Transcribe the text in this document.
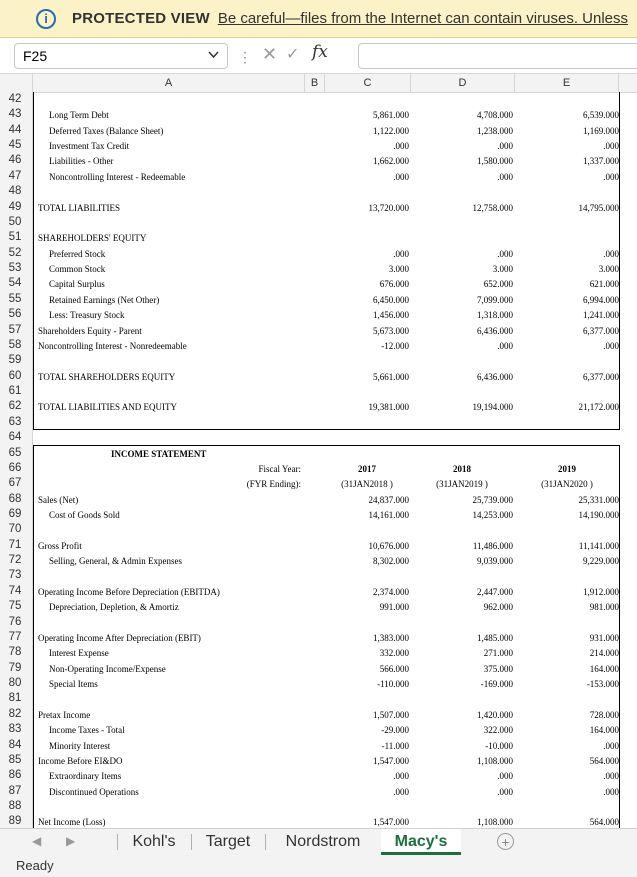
i	PROTECTED VIEW Be careful—files from the Internet can contain viruses. Unless
F25	⋮ ✕ ✓ fx
A	B	C	D	E
42
43
44
45
46
47
48
49
50
51
52
53
54
55
56
57
58
59
60
61
62
63
64
65
66
67
68
69
70
71
72
73
74
75
76
77
78
79
80
81
82
83
84
85
86
87
88
89
Long Term Debt	5,861.000	4,708.000	6,539.000
Deferred Taxes (Balance Sheet)	1,122.000	1,238.000	1,169.000
Investment Tax Credit	.000	.000	.000
Liabilities - Other	1,662.000	1,580.000	1,337.000
Noncontrolling Interest - Redeemable	.000	.000	.000
TOTAL LIABILITIES	13,720.000	12,758.000	14,795.000
SHAREHOLDERS' EQUITY
Preferred Stock	.000	.000	.000
Common Stock	3.000	3.000	3.000
Capital Surplus	676.000	652.000	621.000
Retained Earnings (Net Other)	6,450.000	7,099.000	6,994.000
Less: Treasury Stock	1,456.000	1,318.000	1,241.000
Shareholders Equity - Parent	5,673.000	6,436.000	6,377.000
Noncontrolling Interest - Nonredeemable	-12.000	.000	.000
TOTAL SHAREHOLDERS EQUITY	5,661.000	6,436.000	6,377.000
TOTAL LIABILITIES AND EQUITY	19,381.000	19,194.000	21,172.000
INCOME STATEMENT
Fiscal Year:	2017	2018	2019
(FYR Ending):	(31JAN2018 )	(31JAN2019 )	(31JAN2020 )
Sales (Net)	24,837.000	25,739.000	25,331.000
Cost of Goods Sold	14,161.000	14,253.000	14,190.000
Gross Profit	10,676.000	11,486.000	11,141.000
Selling, General, & Admin Expenses	8,302.000	9,039.000	9,229.000
Operating Income Before Depreciation (EBITDA)	2,374.000	2,447.000	1,912.000
Depreciation, Depletion, & Amortiz	991.000	962.000	981.000
Operating Income After Depreciation (EBIT)	1,383.000	1,485.000	931.000
Interest Expense	332.000	271.000	214.000
Non-Operating Income/Expense	566.000	375.000	164.000
Special Items	-110.000	-169.000	-153.000
Pretax Income	1,507.000	1,420.000	728.000
Income Taxes - Total	-29.000	322.000	164.000
Minority Interest	-11.000	-10.000	.000
Income Before EI&DO	1,547.000	1,108.000	564.000
Extraordinary Items	.000	.000	.000
Discontinued Operations	.000	.000	.000
Net Income (Loss)	1,547.000	1,108.000	564.000
◀ ▶	Kohl's	Target	Nordstrom	Macy's	+
Ready
